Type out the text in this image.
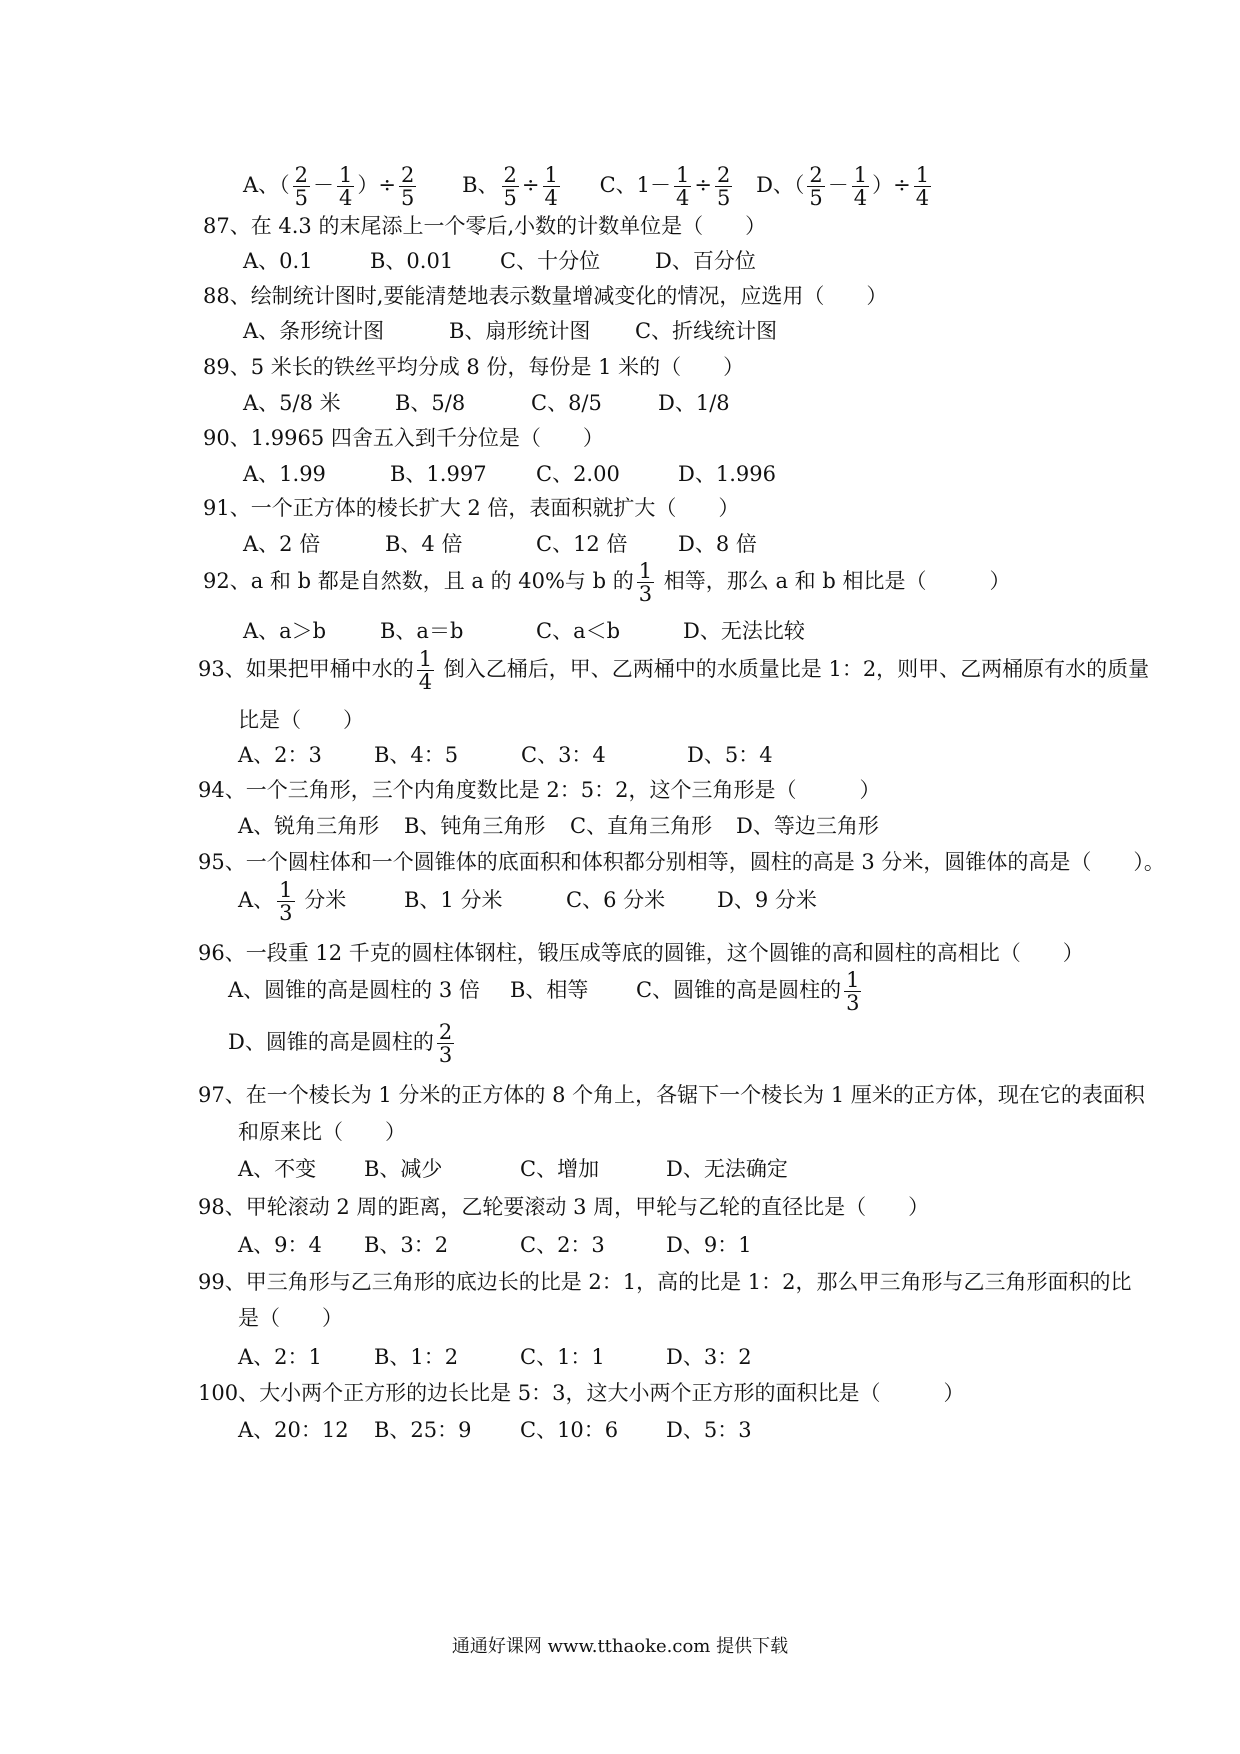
A、（ $\frac{2}{5} - \frac{1}{4}$ ）÷ $\frac{2}{5}$ B、 $\frac{2}{5} \div \frac{1}{4}$ C、$1- \frac{1}{4} \div \frac{2}{5}$ D、（ $\frac{2}{5} - \frac{1}{4}$ ）÷ $\frac{1}{4}$
87、在 4.3 的末尾添上一个零后,小数的计数单位是（　　）
A、0.1	B、0.01 C、十分位	D、百分位
88、绘制统计图时,要能清楚地表示数量增减变化的情况，应选用（　　）
A、条形统计图	B、扇形统计图 C、折线统计图
89、5 米长的铁丝平均分成 8 份，每份是 1 米的（　　）
A、5/8 米	B、5/8	C、8/5	D、1/8
90、1.9965 四舍五入到千分位是（　　）
A、1.99	B、1.997 C、2.00	D、1.996
91、一个正方体的棱长扩大 2 倍，表面积就扩大（　　）
A、2 倍	B、4 倍	C、12 倍 D、8 倍
92、a 和 b 都是自然数，且 a 的 40%与 b 的 $\frac{1}{3}$ 相等，那么 a 和 b 相比是（　　　）
A、a＞b	B、a＝b	C、a＜b	D、无法比较
93、如果把甲桶中水的 $\frac{1}{4}$ 倒入乙桶后，甲、乙两桶中的水质量比是 1：2，则甲、乙两桶原有水的质量
比是（　　）
A、2：3 B、4：5	C、3：4	D、5：4
94、一个三角形，三个内角度数比是 2：5：2，这个三角形是（　　　）
A、锐角三角形 B、钝角三角形 C、直角三角形 D、等边三角形
95、一个圆柱体和一个圆锥体的底面积和体积都分别相等，圆柱的高是 3 分米，圆锥体的高是（　　）。
A、 $\frac{1}{3}$ 分米	B、1 分米	C、6 分米 D、9 分米
96、一段重 12 千克的圆柱体钢柱，锻压成等底的圆锥，这个圆锥的高和圆柱的高相比（　　）
A、圆锥的高是圆柱的 3 倍 B、相等 C、圆锥的高是圆柱的 $\frac{1}{3}$
D、圆锥的高是圆柱的 $\frac{2}{3}$
97、在一个棱长为 1 分米的正方体的 8 个角上，各锯下一个棱长为 1 厘米的正方体，现在它的表面积
和原来比（　　）
A、不变 B、减少	C、增加	D、无法确定
98、甲轮滚动 2 周的距离，乙轮要滚动 3 周，甲轮与乙轮的直径比是（　　）
A、9：4 B、3：2	C、2：3	D、9：1
99、甲三角形与乙三角形的底边长的比是 2：1，高的比是 1：2，那么甲三角形与乙三角形面积的比
是（　　）
A、2：1 B、1：2	C、1：1	D、3：2
100、大小两个正方形的边长比是 5：3，这大小两个正方形的面积比是（　　　）
A、20：12 B、25：9 C、10：6 D、5：3
通通好课网 www.tthaoke.com 提供下载
